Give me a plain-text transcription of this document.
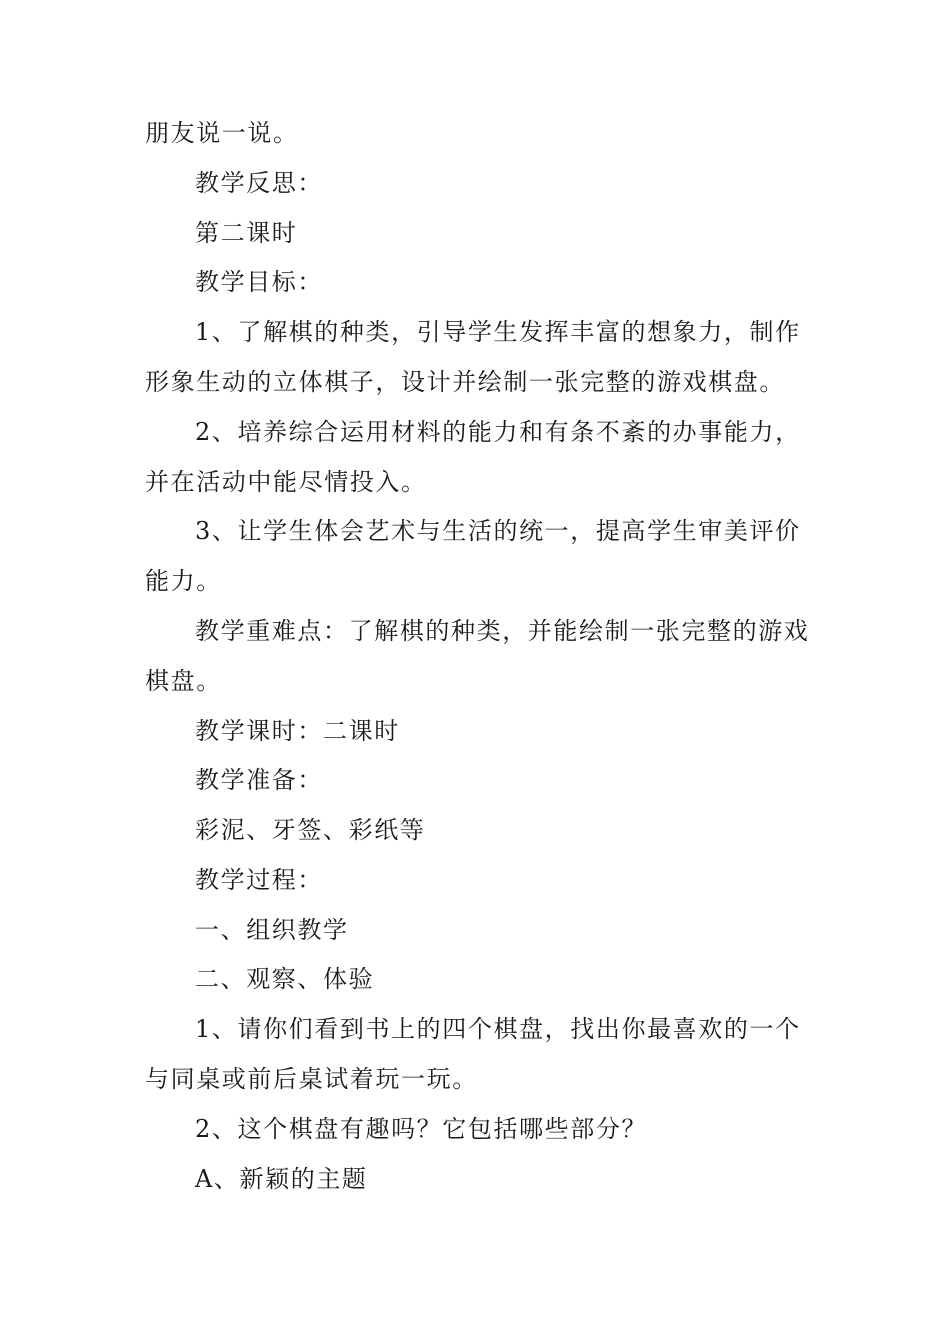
朋友说一说。
教学反思：
第二课时
教学目标：
1、了解棋的种类，引导学生发挥丰富的想象力，制作
形象生动的立体棋子，设计并绘制一张完整的游戏棋盘。
2、培养综合运用材料的能力和有条不紊的办事能力，
并在活动中能尽情投入。
3、让学生体会艺术与生活的统一，提高学生审美评价
能力。
教学重难点：了解棋的种类，并能绘制一张完整的游戏
棋盘。
教学课时：二课时
教学准备：
彩泥、牙签、彩纸等
教学过程：
一、组织教学
二、观察、体验
1、请你们看到书上的四个棋盘，找出你最喜欢的一个
与同桌或前后桌试着玩一玩。
2、这个棋盘有趣吗？它包括哪些部分？
A、新颖的主题
